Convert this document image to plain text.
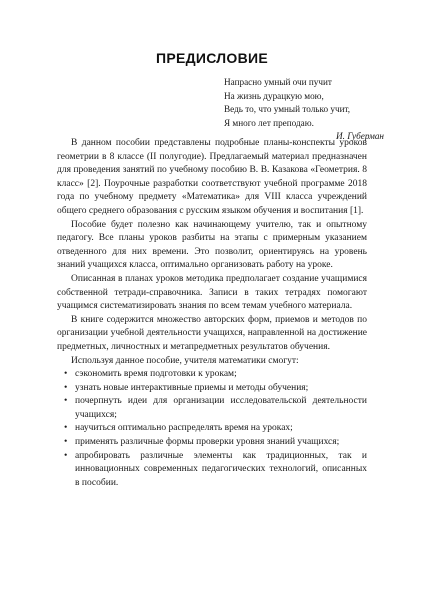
ПРЕДИСЛОВИЕ
Напрасно умный очи пучит
На жизнь дурацкую мою,
Ведь то, что умный только учит,
Я много лет преподаю.
И. Губерман

В данном пособии представлены подробные планы-конспекты уроков геометрии в 8 классе (II полугодие). Предлагаемый материал предназначен для проведения занятий по учебному пособию В. В. Казакова «Геометрия. 8 класс» [2]. Поурочные разработки соответствуют учебной программе 2018 года по учебному предмету «Математика» для VIII класса учреждений общего среднего образования с русским языком обучения и воспитания [1].

Пособие будет полезно как начинающему учителю, так и опытному педагогу. Все планы уроков разбиты на этапы с примерным указанием отведенного для них времени. Это позволит, ориентируясь на уровень знаний учащихся класса, оптимально организовать работу на уроке.

Описанная в планах уроков методика предполагает создание учащимися собственной тетради-справочника. Записи в таких тетрадях помогают учащимся систематизировать знания по всем темам учебного материала.

В книге содержится множество авторских форм, приемов и методов по организации учебной деятельности учащихся, направленной на достижение предметных, личностных и метапредметных результатов обучения.

Используя данное пособие, учителя математики смогут:

• сэкономить время подготовки к урокам;
• узнать новые интерактивные приемы и методы обучения;
• почерпнуть идеи для организации исследовательской деятельности учащихся;
• научиться оптимально распределять время на уроках;
• применять различные формы проверки уровня знаний учащихся;
• апробировать различные элементы как традиционных, так и инновационных современных педагогических технологий, описанных в пособии.
